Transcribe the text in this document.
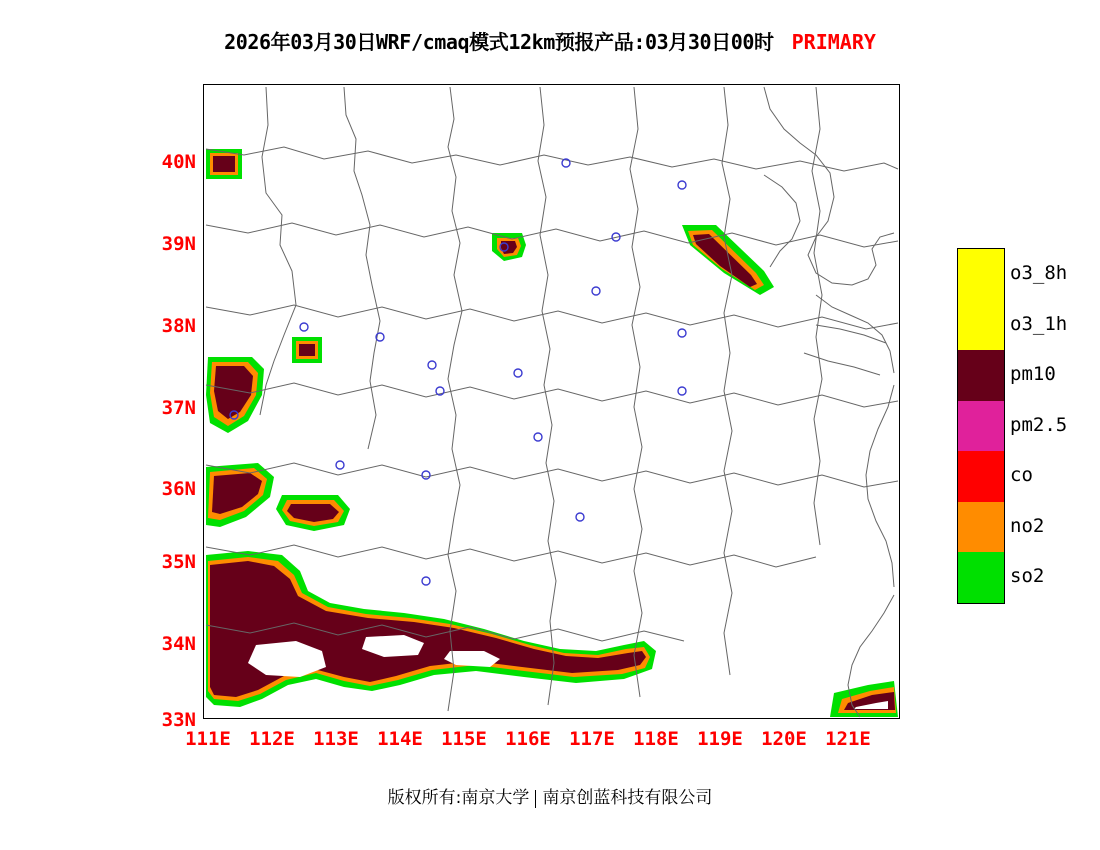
2026年03月30日WRF/cmaq模式12km预报产品:03月30日00时 PRIMARY
40N
39N
38N
37N
36N
35N
34N
33N
111E 112E 113E 114E 115E 116E 117E 118E 119E 120E 121E
o3_8h
o3_1h
pm10
pm2.5
co
no2
so2
版权所有:南京大学 南京创蓝科技有限公司
